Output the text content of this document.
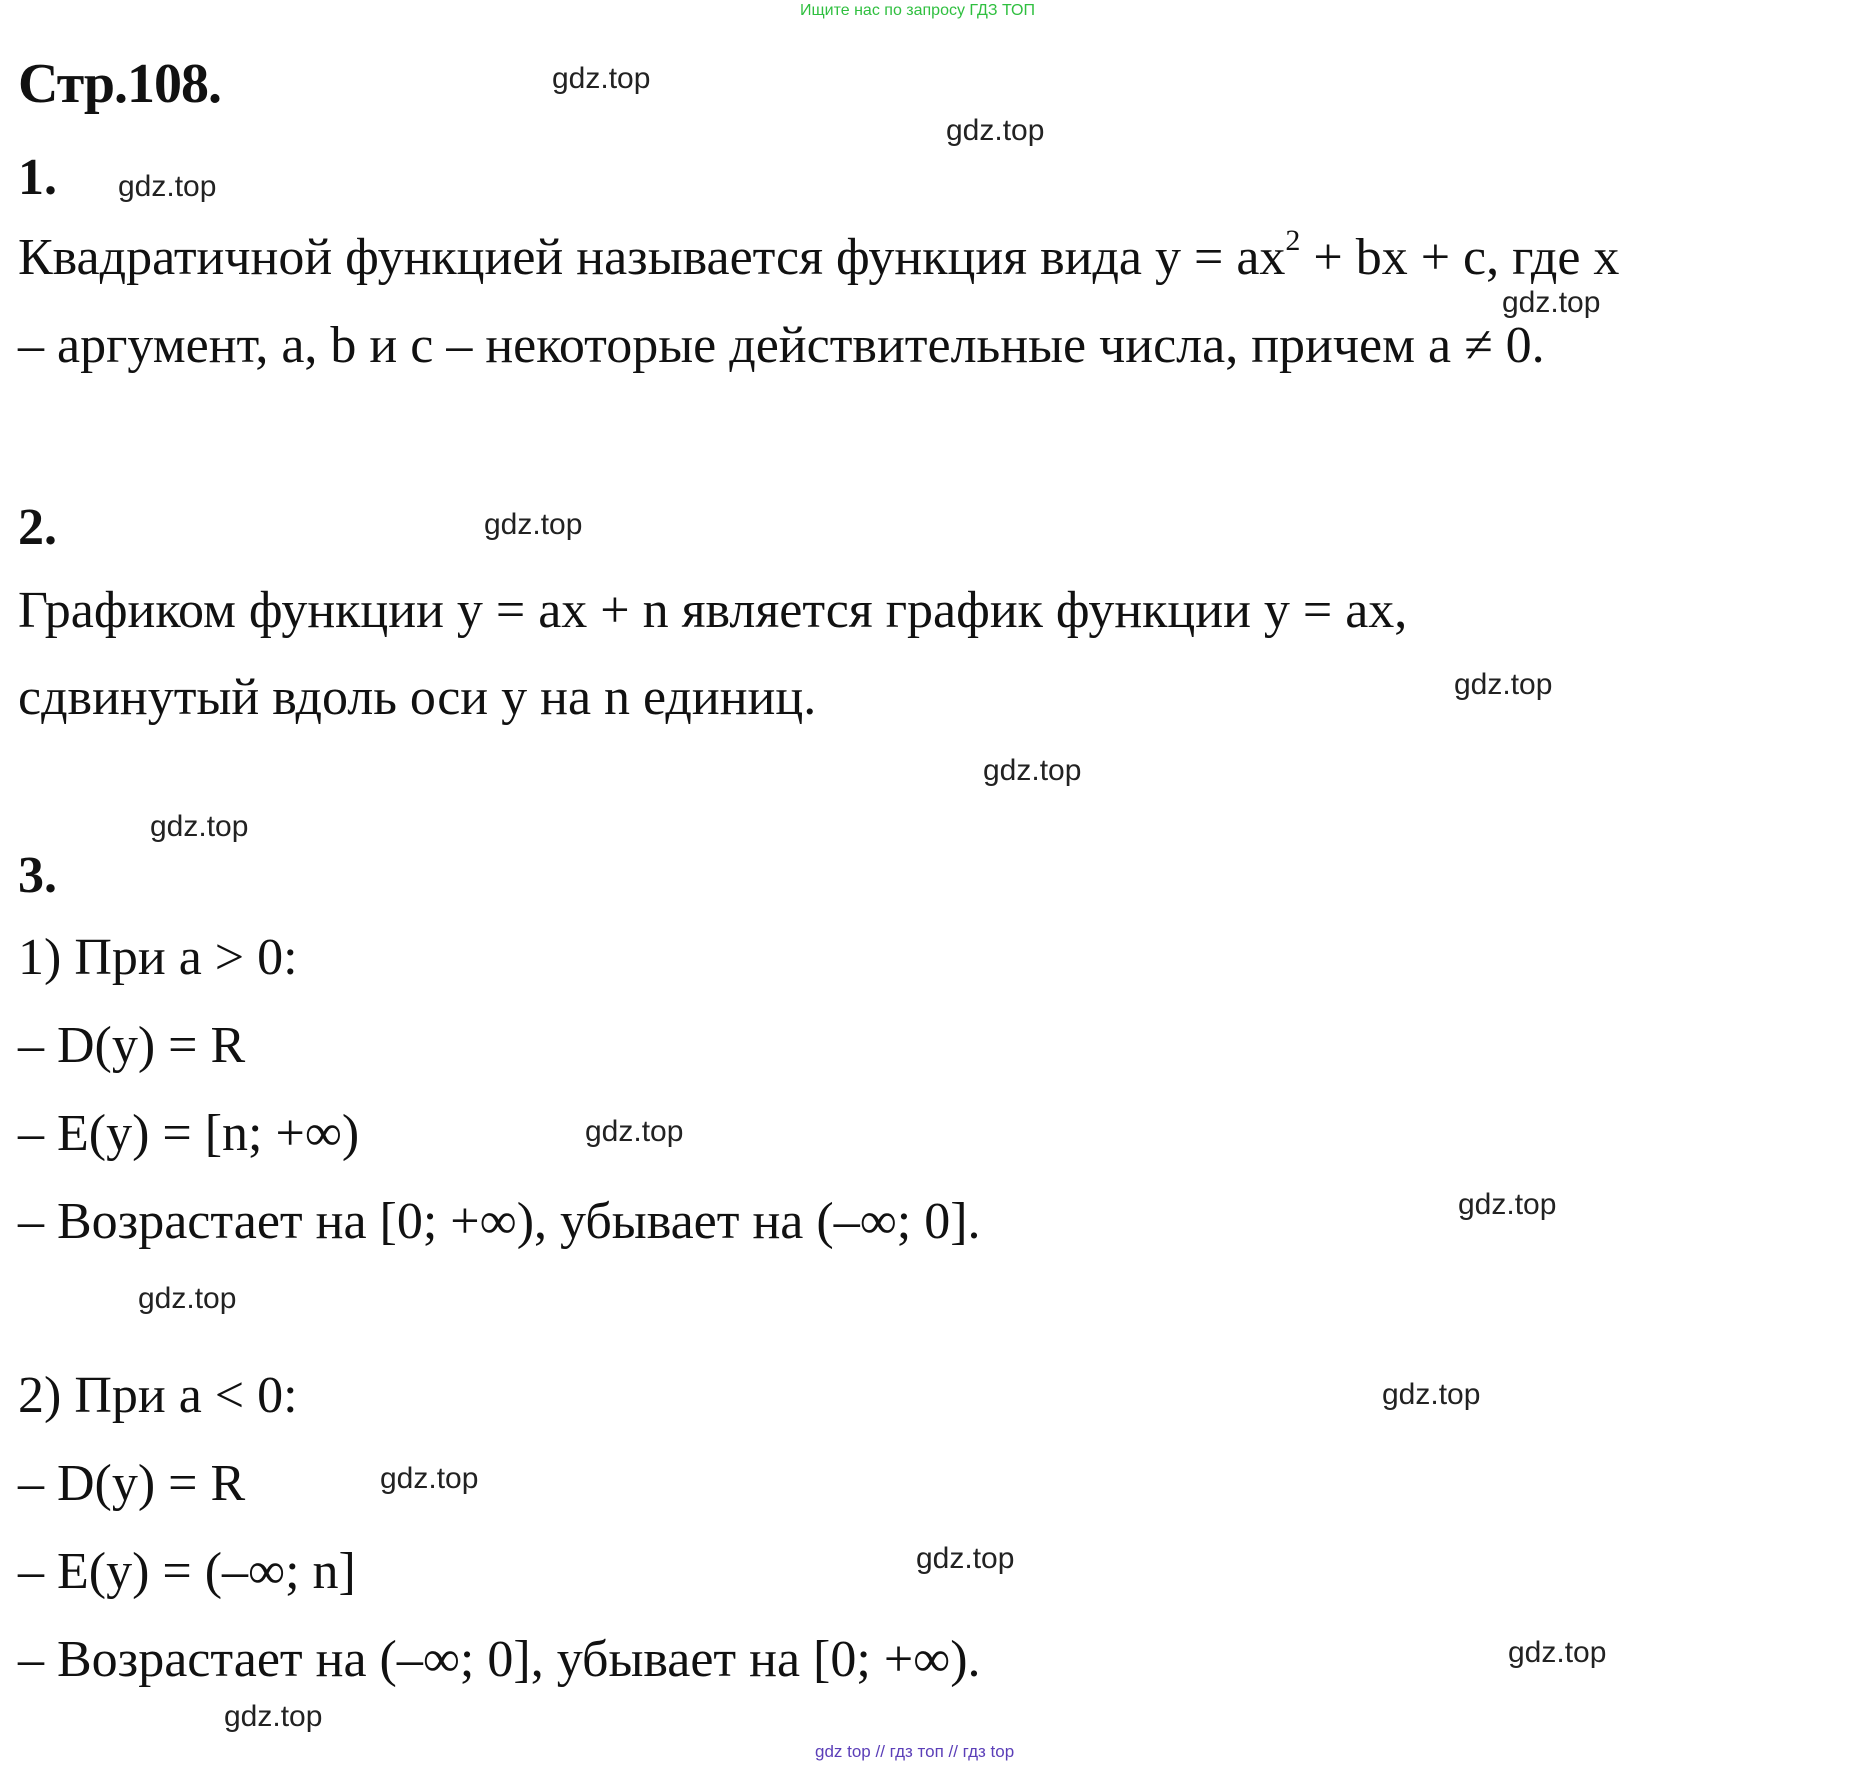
Ищите нас по запросу ГДЗ ТОП
Стр.108.
1.
Квадратичной функцией называется функция вида $y = ax^2$ + bx + c, где x
– аргумент, a, b и c – некоторые действительные числа, причем a ≠ 0.
2.
Графиком функции y = ax + n является график функции y = ax,
сдвинутый вдоль оси y на n единиц.
3.
1) При a > 0:
– D(y) = R
– E(y) = [n; +∞)
– Возрастает на [0; +∞), убывает на (–∞; 0].
2) При a < 0:
– D(y) = R
– E(y) = (–∞; n]
– Возрастает на (–∞; 0], убывает на [0; +∞).
gdz.top
gdz.top
gdz.top
gdz.top
gdz.top
gdz.top
gdz.top
gdz.top
gdz.top
gdz.top
gdz.top
gdz.top
gdz.top
gdz.top
gdz.top
gdz.top
gdz top // гдз топ // гдз top
